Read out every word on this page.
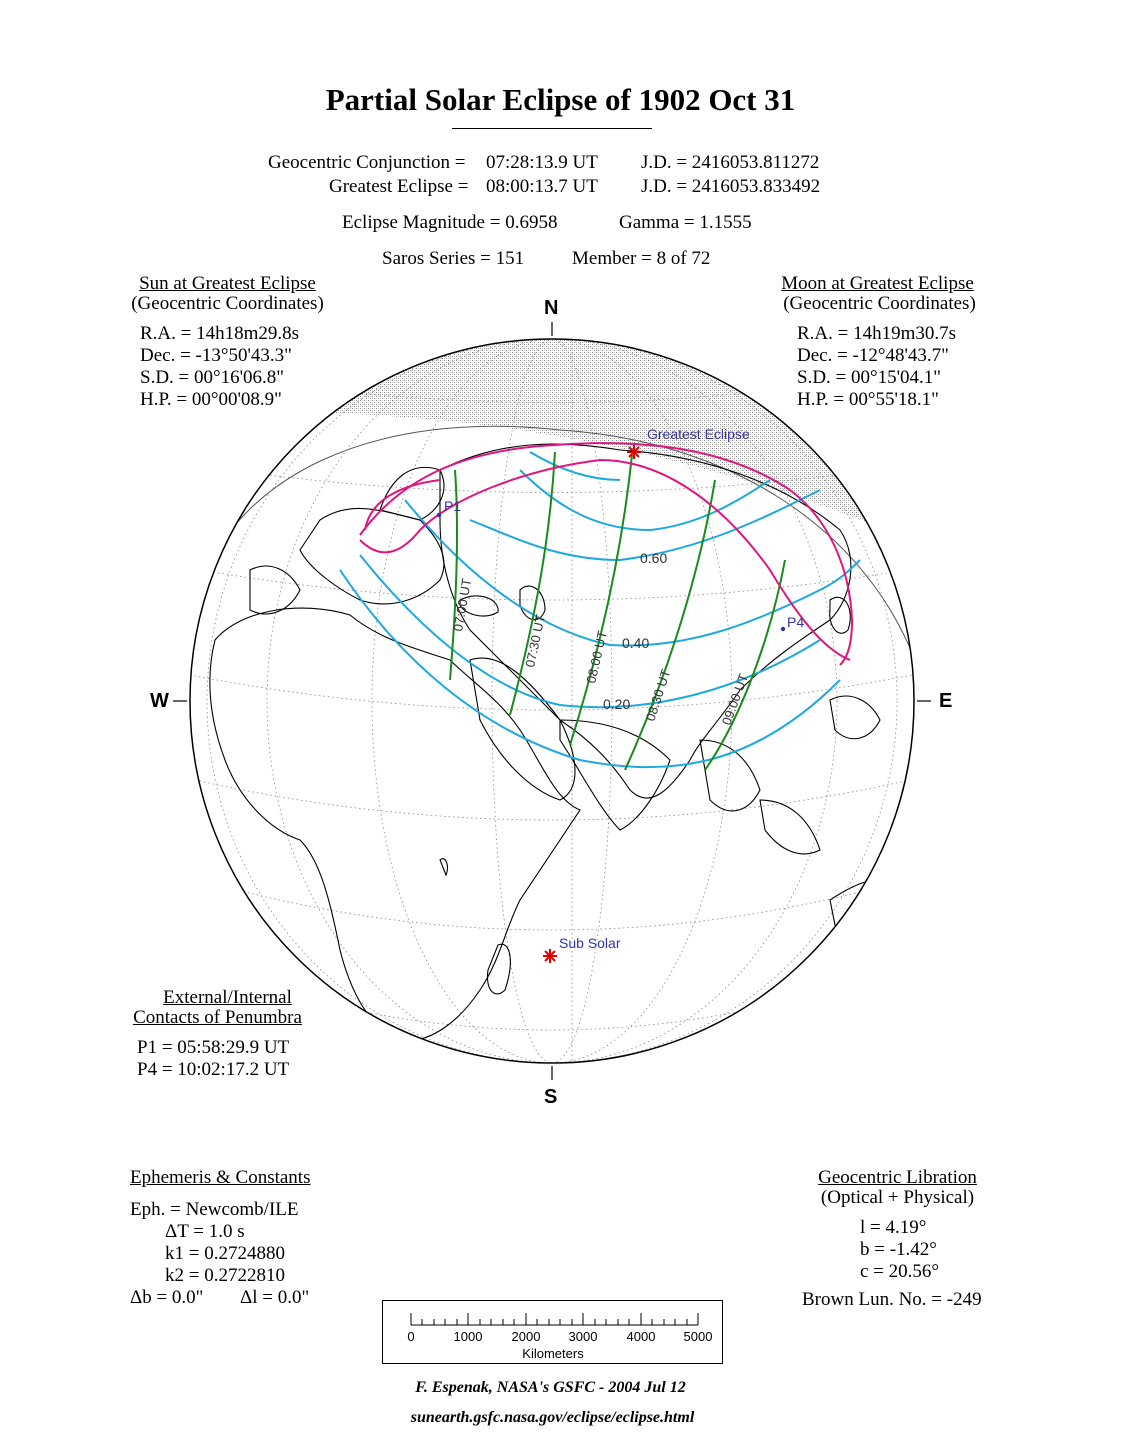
Partial Solar Eclipse of 1902 Oct 31
Geocentric Conjunction = 07:28:13.9 UT J.D. = 2416053.811272
Greatest Eclipse = 08:00:13.7 UT J.D. = 2416053.833492
Eclipse Magnitude = 0.6958	Gamma = 1.1555
Saros Series = 151	Member = 8 of 72
Sun at Greatest Eclipse
(Geocentric Coordinates)
R.A. = 14h18m29.8s
Dec. = -13°50'43.3"
S.D. = 00°16'06.8"
H.P. = 00°00'08.9"
Moon at Greatest Eclipse
(Geocentric Coordinates)
R.A. = 14h19m30.7s
Dec. = -12°48'43.7"
S.D. = 00°15'04.1"
H.P. = 00°55'18.1"
Greatest Eclipse
Sub Solar
P1
P4
0.60
0.40
0.20
07:00 UT
07:30 UT	08:00 UT
08:30 UT	09:00 UT
N
S
W	E
External/Internal
Contacts of Penumbra
P1 = 05:58:29.9 UT
P4 = 10:02:17.2 UT
Ephemeris & Constants
Eph. = Newcomb/ILE
ΔT = 1.0 s
k1 = 0.2724880
k2 = 0.2722810
Δb = 0.0" Δl = 0.0"
Geocentric Libration
(Optical + Physical)
l = 4.19°
b = -1.42°
c = 20.56°
Brown Lun. No. = -249
0	1000 2000 3000 4000 5000
Kilometers
F. Espenak, NASA's GSFC - 2004 Jul 12
sunearth.gsfc.nasa.gov/eclipse/eclipse.html
